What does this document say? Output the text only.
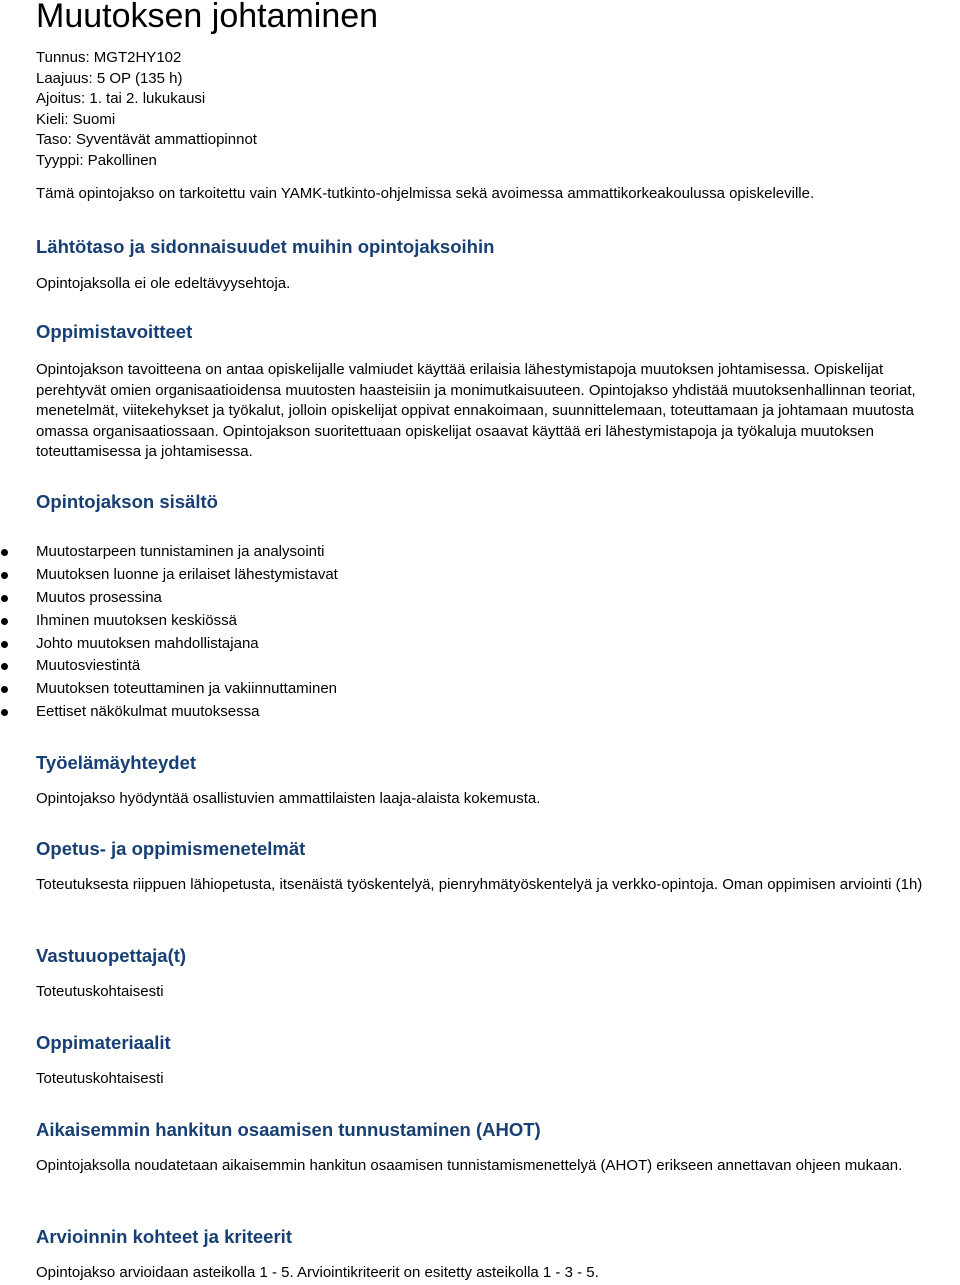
Muutoksen johtaminen
Tunnus: MGT2HY102
Laajuus: 5 OP (135 h)
Ajoitus: 1. tai 2. lukukausi
Kieli: Suomi
Taso: Syventävät ammattiopinnot
Tyyppi: Pakollinen

Tämä opintojakso on tarkoitettu vain YAMK-tutkinto-ohjelmissa sekä avoimessa ammattikorkeakoulussa opiskeleville.

Lähtötaso ja sidonnaisuudet muihin opintojaksoihin

Opintojaksolla ei ole edeltävyysehtoja.

Oppimistavoitteet

Opintojakson tavoitteena on antaa opiskelijalle valmiudet käyttää erilaisia lähestymistapoja muutoksen johtamisessa. Opiskelijat perehtyvät omien organisaatioidensa muutosten haasteisiin ja monimutkaisuuteen. Opintojakso yhdistää muutoksenhallinnan teoriat, menetelmät, viitekehykset ja työkalut, jolloin opiskelijat oppivat ennakoimaan, suunnittelemaan, toteuttamaan ja johtamaan muutosta omassa organisaatiossaan. Opintojakson suoritettuaan opiskelijat osaavat käyttää eri lähestymistapoja ja työkaluja muutoksen toteuttamisessa ja johtamisessa.

Opintojakson sisältö
Muutostarpeen tunnistaminen ja analysointi
Muutoksen luonne ja erilaiset lähestymistavat
Muutos prosessina
Ihminen muutoksen keskiössä
Johto muutoksen mahdollistajana
Muutosviestintä
Muutoksen toteuttaminen ja vakiinnuttaminen
Eettiset näkökulmat muutoksessa
Työelämäyhteydet

Opintojakso hyödyntää osallistuvien ammattilaisten laaja-alaista kokemusta.

Opetus- ja oppimismenetelmät

Toteutuksesta riippuen lähiopetusta, itsenäistä työskentelyä, pienryhmätyöskentelyä ja verkko-opintoja. Oman oppimisen arviointi (1h)

Vastuuopettaja(t)

Toteutuskohtaisesti

Oppimateriaalit

Toteutuskohtaisesti

Aikaisemmin hankitun osaamisen tunnustaminen (AHOT)

Opintojaksolla noudatetaan aikaisemmin hankitun osaamisen tunnistamismenettelyä (AHOT) erikseen annettavan ohjeen mukaan.

Arvioinnin kohteet ja kriteerit

Opintojakso arvioidaan asteikolla 1 - 5. Arviointikriteerit on esitetty asteikolla 1 - 3 - 5.
